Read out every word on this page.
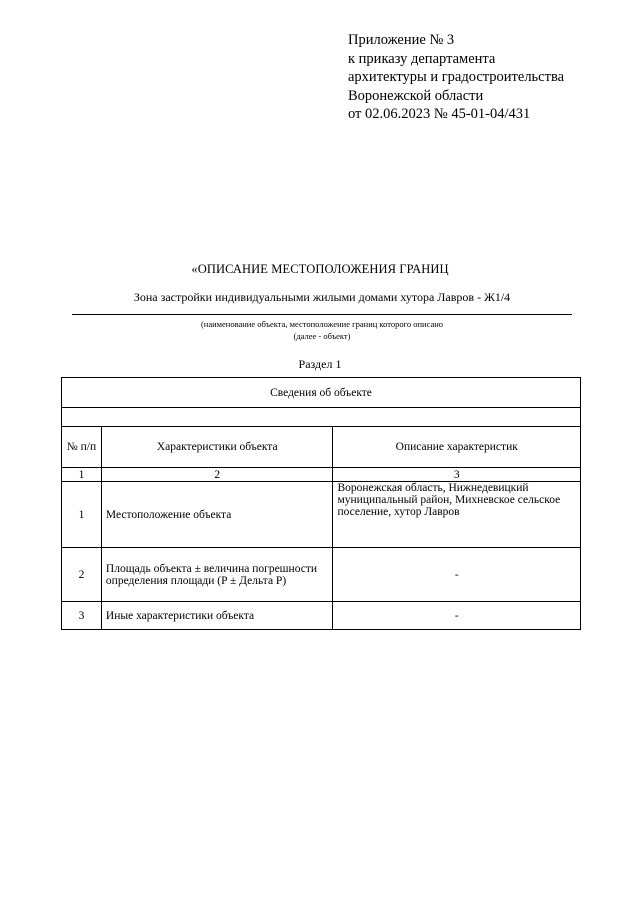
Приложение № 3
к приказу департамента
архитектуры и градостроительства
Воронежской области
от 02.06.2023 № 45-01-04/431
«ОПИСАНИЕ МЕСТОПОЛОЖЕНИЯ ГРАНИЦ
Зона застройки индивидуальными жилыми домами хутора Лавров - Ж1/4
(наименование объекта, местоположение границ которого описано
(далее - объект)
Раздел 1
Сведения об объекте		

№ п/п	Характеристики объекта	Описание характеристик
1	2	3
1	Местоположение объекта	Воронежская область, Нижнедевицкий муниципальный район, Михневское сельское поселение, хутор Лавров
2	Площадь объекта ± величина погрешности определения площади (P ± Дельта P)	-
3	Иные характеристики объекта	-
